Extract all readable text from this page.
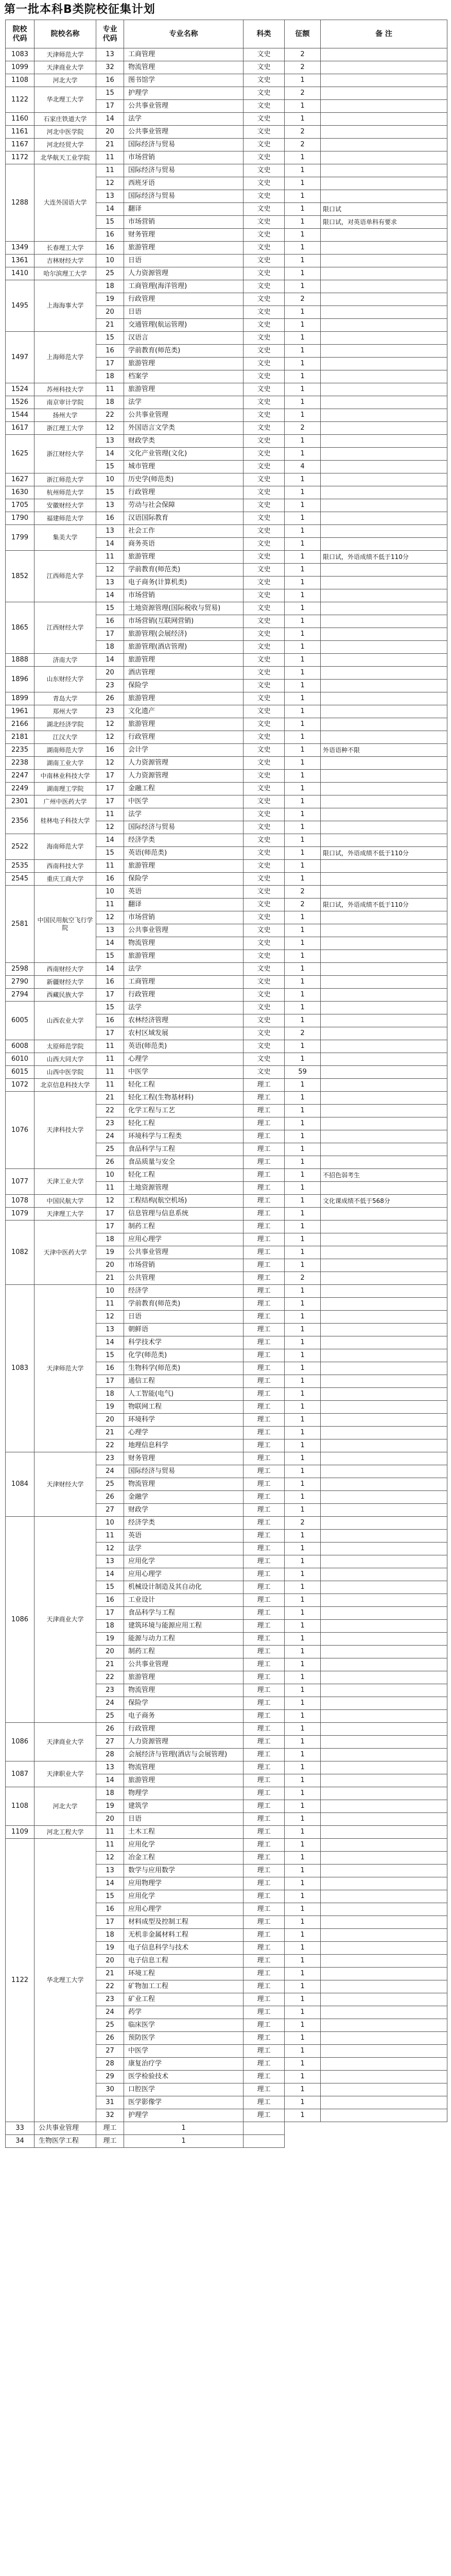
第一批本科B类院校征集计划
院校
代码	院校名称	专业
代码	专业名称	科类	征额	备 注
1083	天津师范大学	13	工商管理	文史	2	
1099	天津商业大学	32	物流管理	文史	2	
1108	河北大学	16	图书馆学	文史	1	
1122	华北理工大学	15	护理学	文史	2	
		17	公共事业管理	文史	1	
1160	石家庄铁道大学	14	法学	文史	1	
1161	河北中医学院	20	公共事业管理	文史	2	
1167	河北经贸大学	21	国际经济与贸易	文史	2	
1172	北华航天工业学院	11	市场营销	文史	1	
1288	大连外国语大学	11	国际经济与贸易	文史	1	
		12	西班牙语	文史	1	
		13	国际经济与贸易	文史	1	
		14	翻译	文史	1	限口试
		15	市场营销	文史	1	限口试，对英语单科有要求
		16	财务管理	文史	1	
1349	长春理工大学	16	旅游管理	文史	1	
1361	吉林财经大学	10	日语	文史	1	
1410	哈尔滨理工大学	25	人力资源管理	文史	1	
1495	上海海事大学	18	工商管理(海洋管理)	文史	1	
		19	行政管理	文史	2	
		20	日语	文史	1	
		21	交通管理(航运管理)	文史	1	
1497	上海师范大学	15	汉语言	文史	1	
		16	学前教育(师范类)	文史	1	
		17	旅游管理	文史	1	
		18	档案学	文史	1	
1524	苏州科技大学	11	旅游管理	文史	1	
1526	南京审计学院	18	法学	文史	1	
1544	扬州大学	22	公共事业管理	文史	1	
1617	浙江理工大学	12	外国语言文学类	文史	2	
1625	浙江财经大学	13	财政学类	文史	1	
		14	文化产业管理(文化)	文史	1	
		15	城市管理	文史	4	
1627	浙江师范大学	10	历史学(师范类)	文史	1	
1630	杭州师范大学	15	行政管理	文史	1	
1705	安徽财经大学	13	劳动与社会保障	文史	1	
1790	福建师范大学	16	汉语国际教育	文史	1	
1799	集美大学	13	社会工作	文史	1	
		14	商务英语	文史	1	
1852	江西师范大学	11	旅游管理	文史	1	限口试，外语成绩不低于110分
		12	学前教育(师范类)	文史	1	
		13	电子商务(计算机类)	文史	1	
		14	市场营销	文史	1	
1865	江西财经大学	15	土地资源管理(国际税收与贸易)	文史	1	
		16	市场营销(互联网营销)	文史	1	
		17	旅游管理(会展经济)	文史	1	
		18	旅游管理(酒店管理)	文史	1	
1888	济南大学	14	旅游管理	文史	1	
1896	山东财经大学	20	酒店管理	文史	1	
		23	保险学	文史	1	
1899	青岛大学	26	旅游管理	文史	1	
1961	郑州大学	23	文化遗产	文史	1	
2166	湖北经济学院	12	旅游管理	文史	1	
2181	江汉大学	12	行政管理	文史	1	
2235	湖南师范大学	16	会计学	文史	1	外语语种不限
2238	湖南工业大学	12	人力资源管理	文史	1	
2247	中南林业科技大学	17	人力资源管理	文史	1	
2249	湖南理工学院	17	金融工程	文史	1	
2301	广州中医药大学	17	中医学	文史	1	
2356	桂林电子科技大学	11	法学	文史	1	
		12	国际经济与贸易	文史	1	
2522	海南师范大学	14	经济学类	文史	1	
		15	英语(师范类)	文史	1	限口试，外语成绩不低于110分
2535	西南科技大学	11	旅游管理	文史	1	
2545	重庆工商大学	16	保险学	文史	1	
2581	中国民用航空飞行学院	10	英语	文史	2	
		11	翻译	文史	2	限口试，外语成绩不低于110分
		12	市场营销	文史	1	
		13	公共事业管理	文史	1	
		14	物流管理	文史	1	
		15	旅游管理	文史	1	
2598	西南财经大学	14	法学	文史	1	
2790	新疆财经大学	16	工商管理	文史	1	
2794	西藏民族大学	17	行政管理	文史	1	
6005	山西农业大学	15	法学	文史	1	
		16	农林经济管理	文史	1	
		17	农村区域发展	文史	2	
6008	太原师范学院	11	英语(师范类)	文史	1	
6010	山西大同大学	11	心理学	文史	1	
6015	山西中医学院	11	中医学	文史	59	
1072	北京信息科技大学	11	轻化工程	理工	1	
1076	天津科技大学	21	轻化工程(生物基材料)	理工	1	
		22	化学工程与工艺	理工	1	
		23	轻化工程	理工	1	
		24	环境科学与工程类	理工	1	
		25	食品科学与工程	理工	1	
		26	食品质量与安全	理工	1	
1077	天津工业大学	10	轻化工程	理工	1	不招色弱考生
		11	土地资源管理	理工	1	
1078	中国民航大学	12	工程结构(航空机场)	理工	1	文化课成绩不低于568分
1079	天津理工大学	17	信息管理与信息系统	理工	1	
1082	天津中医药大学	17	制药工程	理工	1	
		18	应用心理学	理工	1	
		19	公共事业管理	理工	1	
		20	市场营销	理工	1	
		21	公共管理	理工	2	
1083	天津师范大学	10	经济学	理工	1	
		11	学前教育(师范类)	理工	1	
		12	日语	理工	1	
		13	朝鲜语	理工	1	
		14	科学技术学	理工	1	
		15	化学(师范类)	理工	1	
		16	生物科学(师范类)	理工	1	
		17	通信工程	理工	1	
		18	人工智能(电气)	理工	1	
		19	物联网工程	理工	1	
		20	环境科学	理工	1	
		21	心理学	理工	1	
		22	地理信息科学	理工	1	
1084	天津财经大学	23	财务管理	理工	1	
		24	国际经济与贸易	理工	1	
		25	物流管理	理工	1	
		26	金融学	理工	1	
		27	财政学	理工	1	
1086	天津商业大学	10	经济学类	理工	2	
		11	英语	理工	1	
		12	法学	理工	1	
		13	应用化学	理工	1	
		14	应用心理学	理工	1	
		15	机械设计制造及其自动化	理工	1	
		16	工业设计	理工	1	
		17	食品科学与工程	理工	1	
		18	建筑环境与能源应用工程	理工	1	
		19	能源与动力工程	理工	1	
		20	制药工程	理工	1	
		21	公共事业管理	理工	1	
		22	旅游管理	理工	1	
		23	物流管理	理工	1	
		24	保险学	理工	1	
		25	电子商务	理工	1	
1086	天津商业大学	26	行政管理	理工	1	
		27	人力资源管理	理工	1	
		28	会展经济与管理(酒店与会展管理)	理工	1	
1087	天津职业大学	13	物流管理	理工	1	
		14	旅游管理	理工	1	
1108	河北大学	18	物理学	理工	1	
		19	建筑学	理工	1	
		20	日语	理工	1	
1109	河北工程大学	11	土木工程	理工	1	
1122	华北理工大学	11	应用化学	理工	1	
		12	冶金工程	理工	1	
		13	数学与应用数学	理工	1	
		14	应用物理学	理工	1	
		15	应用化学	理工	1	
		16	应用心理学	理工	1	
		17	材料成型及控制工程	理工	1	
		18	无机非金属材料工程	理工	1	
		19	电子信息科学与技术	理工	1	
		20	电子信息工程	理工	1	
		21	环境工程	理工	1	
		22	矿物加工工程	理工	1	
		23	矿业工程	理工	1	
		24	药学	理工	1	
		25	临床医学	理工	1	
		26	预防医学	理工	1	
		27	中医学	理工	1	
		28	康复治疗学	理工	1	
		29	医学检验技术	理工	1	
		30	口腔医学	理工	1	
		31	医学影像学	理工	1	
		32	护理学	理工	1	
33	公共事业管理	理工	1			
34	生物医学工程	理工	1			
